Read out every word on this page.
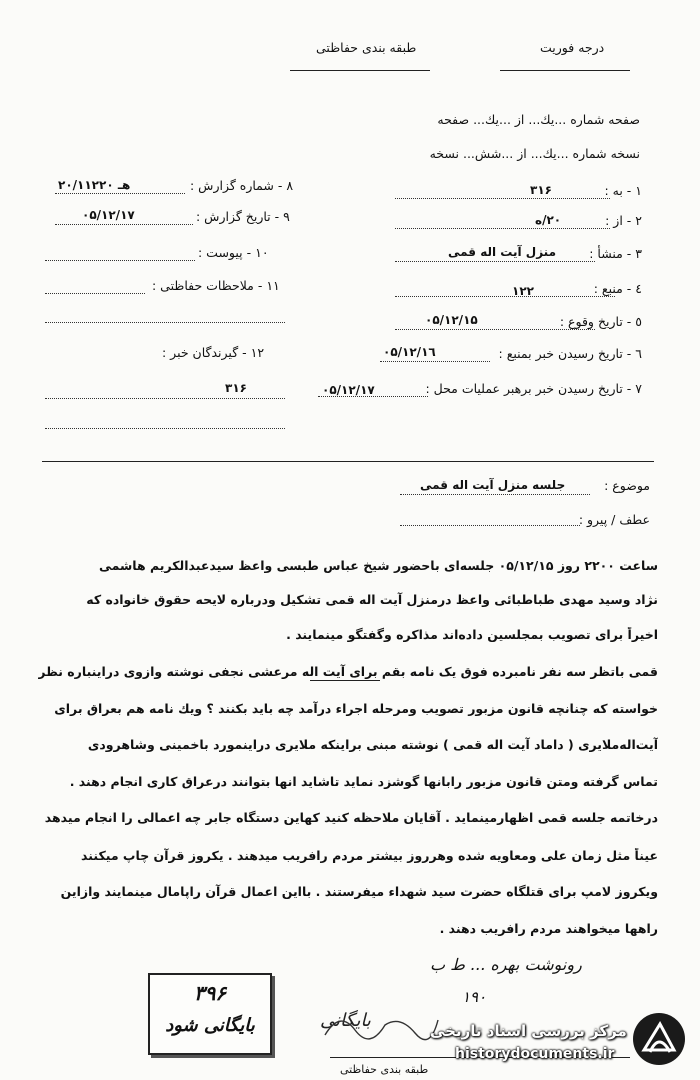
درجه فوریت
طبقه بندی حفاظتی
صفحه شماره ...یك... از ...یك... صفحه
نسخه شماره ...یك... از ...شش... نسخه
۱ - به :
۳۱۶
۲ - از :
۲۰/ه
۳ - منشأ :
منزل آیت اله قمی
٤ - منبع :
۱۲۲
٥ - تاریخ وقوع :
۰۵/۱۲/۱۵
٦ - تاریخ رسیدن خبر بمنبع :
۰۵/۱۲/۱٦
۷ - تاریخ رسیدن خبر برهبر عملیات محل :
۰۵/۱۲/۱۷
۸ - شماره گزارش :
۲۰/۱۱۲۲۰ هـ
۹ - تاریخ گزارش :
۰۵/۱۲/۱۷
۱۰ - پیوست :
۱۱ - ملاحظات حفاظتی :
۱۲ - گیرندگان خبر :
۳۱۶
موضوع :
جلسه منزل آیت اله قمی
عطف / پیرو :
ساعت ۲۲۰۰ روز ۰۵/۱۲/۱۵ جلسه‌ای باحضور شیخ عباس طبسی واعظ سیدعبدالکریم هاشمی
نژاد وسید مهدی طباطبائی واعظ درمنزل آیت اله قمی تشکیل ودرباره لایحه حقوق خانواده که
اخیراً برای تصویب بمجلسین داده‌اند مذاکره وگفتگو مینمایند .
قمی باتظر سه نفر نامبرده فوق یک نامه بقم برای آیت اله مرعشی نجفی نوشته وازوی دراینباره نظر
خواسته که چنانچه قانون مزبور تصویب ومرحله اجراء درآمد چه باید بکنند ؟ ویك نامه هم بعراق برای
آیت‌اله‌ملایری ( داماد آیت اله قمی ) نوشته مبنی براینکه ملایری دراینمورد باخمینی وشاهرودی
تماس گرفته ومتن قانون مزبور رابانها گوشزد نماید تاشاید انها بتوانند درعراق کاری انجام دهند .
درخاتمه جلسه قمی اظهارمینماید . آقایان ملاحظه کنید کهاین دستگاه جابر چه اعمالی را انجام میدهد
عیناً مثل زمان علی ومعاویه شده وهرروز بیشتر مردم رافریب میدهند . یکروز قرآن چاپ میکنند
ویکروز لامپ برای قتلگاه حضرت سید شهداء میفرستند . بااین اعمال قرآن راپامال مینمایند وازاین
راهها میخواهند مردم رافریب دهند .
رونوشت بهره ... ط ب
۱۹۰
۳۹۶
بایگانی شود	بایگانی
طبقه بندی حفاظتی
مرکز بررسی اسناد تاریخی
historydocuments.ir
